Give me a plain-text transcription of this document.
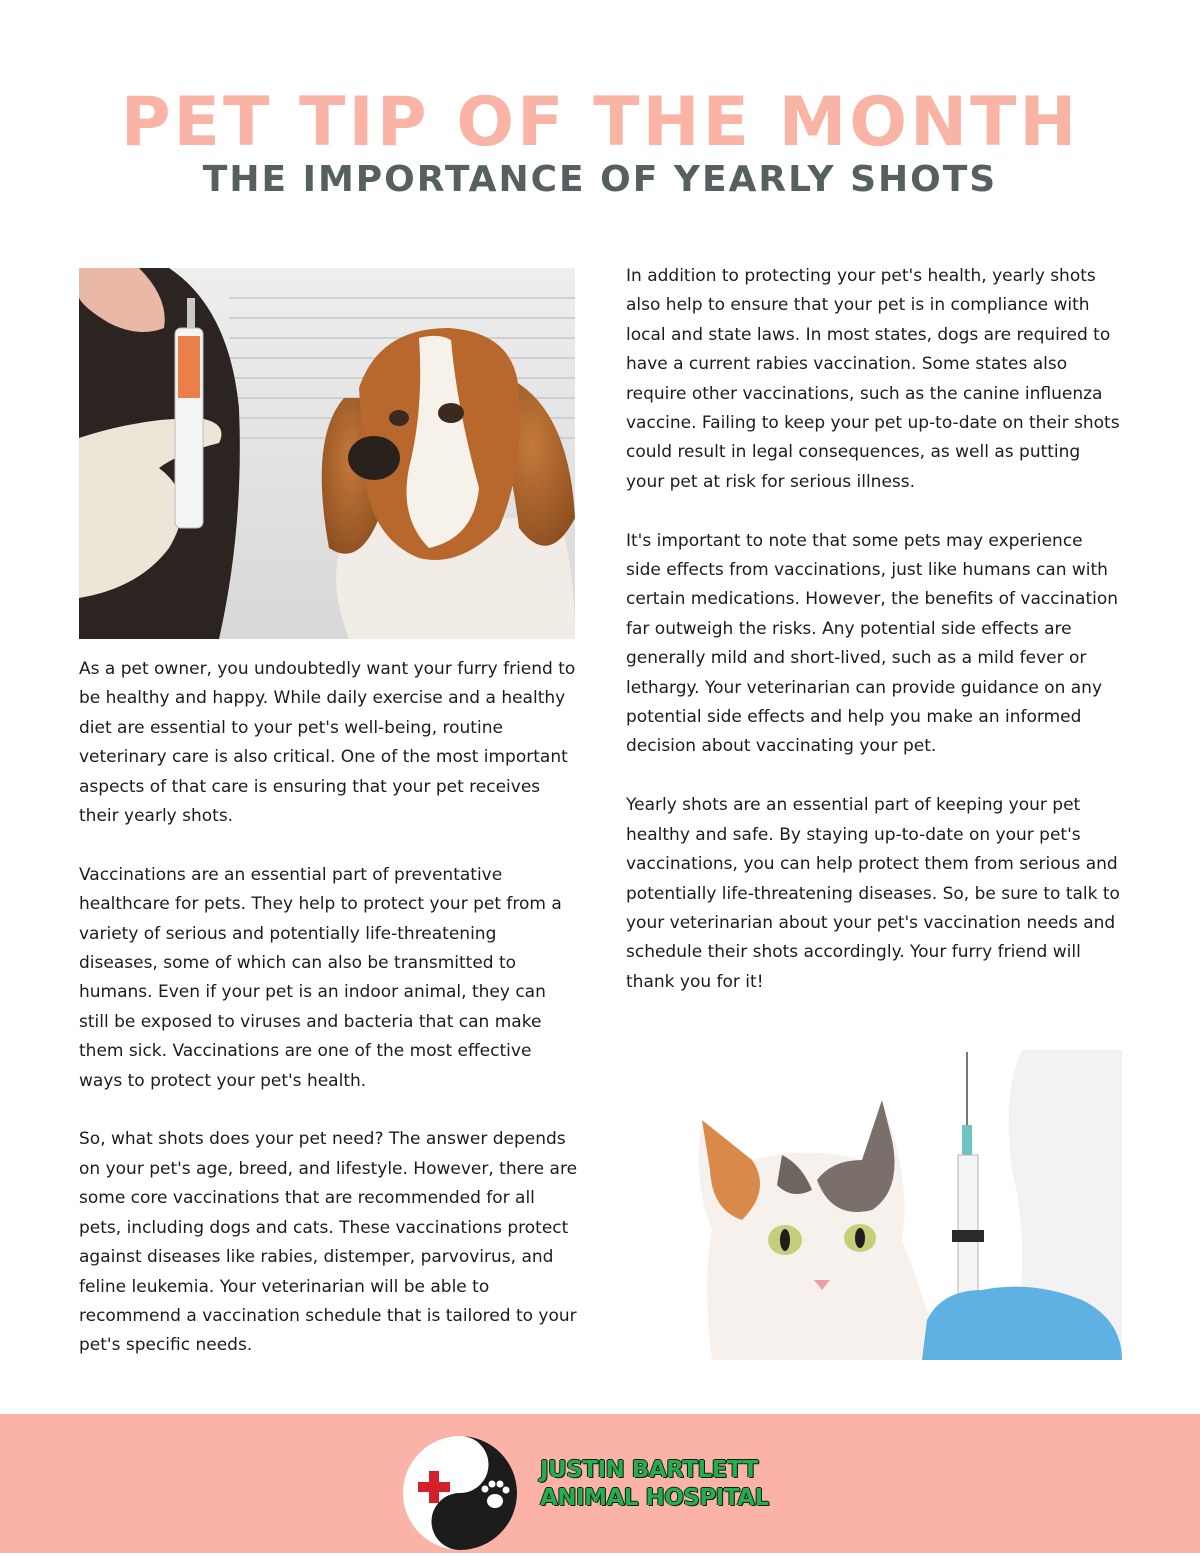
PET TIP OF THE MONTH
THE IMPORTANCE OF YEARLY SHOTS

As a pet owner, you undoubtedly want your furry friend to be healthy and happy. While daily exercise and a healthy diet are essential to your pet's well-being, routine veterinary care is also critical. One of the most important aspects of that care is ensuring that your pet receives their yearly shots.

Vaccinations are an essential part of preventative healthcare for pets. They help to protect your pet from a variety of serious and potentially life-threatening diseases, some of which can also be transmitted to humans. Even if your pet is an indoor animal, they can still be exposed to viruses and bacteria that can make them sick. Vaccinations are one of the most effective ways to protect your pet's health.

So, what shots does your pet need? The answer depends on your pet's age, breed, and lifestyle. However, there are some core vaccinations that are recommended for all pets, including dogs and cats. These vaccinations protect against diseases like rabies, distemper, parvovirus, and feline leukemia. Your veterinarian will be able to recommend a vaccination schedule that is tailored to your pet's specific needs.

In addition to protecting your pet's health, yearly shots also help to ensure that your pet is in compliance with local and state laws. In most states, dogs are required to have a current rabies vaccination. Some states also require other vaccinations, such as the canine influenza vaccine. Failing to keep your pet up-to-date on their shots could result in legal consequences, as well as putting your pet at risk for serious illness.

It's important to note that some pets may experience side effects from vaccinations, just like humans can with certain medications. However, the benefits of vaccination far outweigh the risks. Any potential side effects are generally mild and short-lived, such as a mild fever or lethargy. Your veterinarian can provide guidance on any potential side effects and help you make an informed decision about vaccinating your pet.

Yearly shots are an essential part of keeping your pet healthy and safe. By staying up-to-date on your pet's vaccinations, you can help protect them from serious and potentially life-threatening diseases. So, be sure to talk to your veterinarian about your pet's vaccination needs and schedule their shots accordingly. Your furry friend will thank you for it!

JUSTIN BARTLETT
ANIMAL HOSPITAL
